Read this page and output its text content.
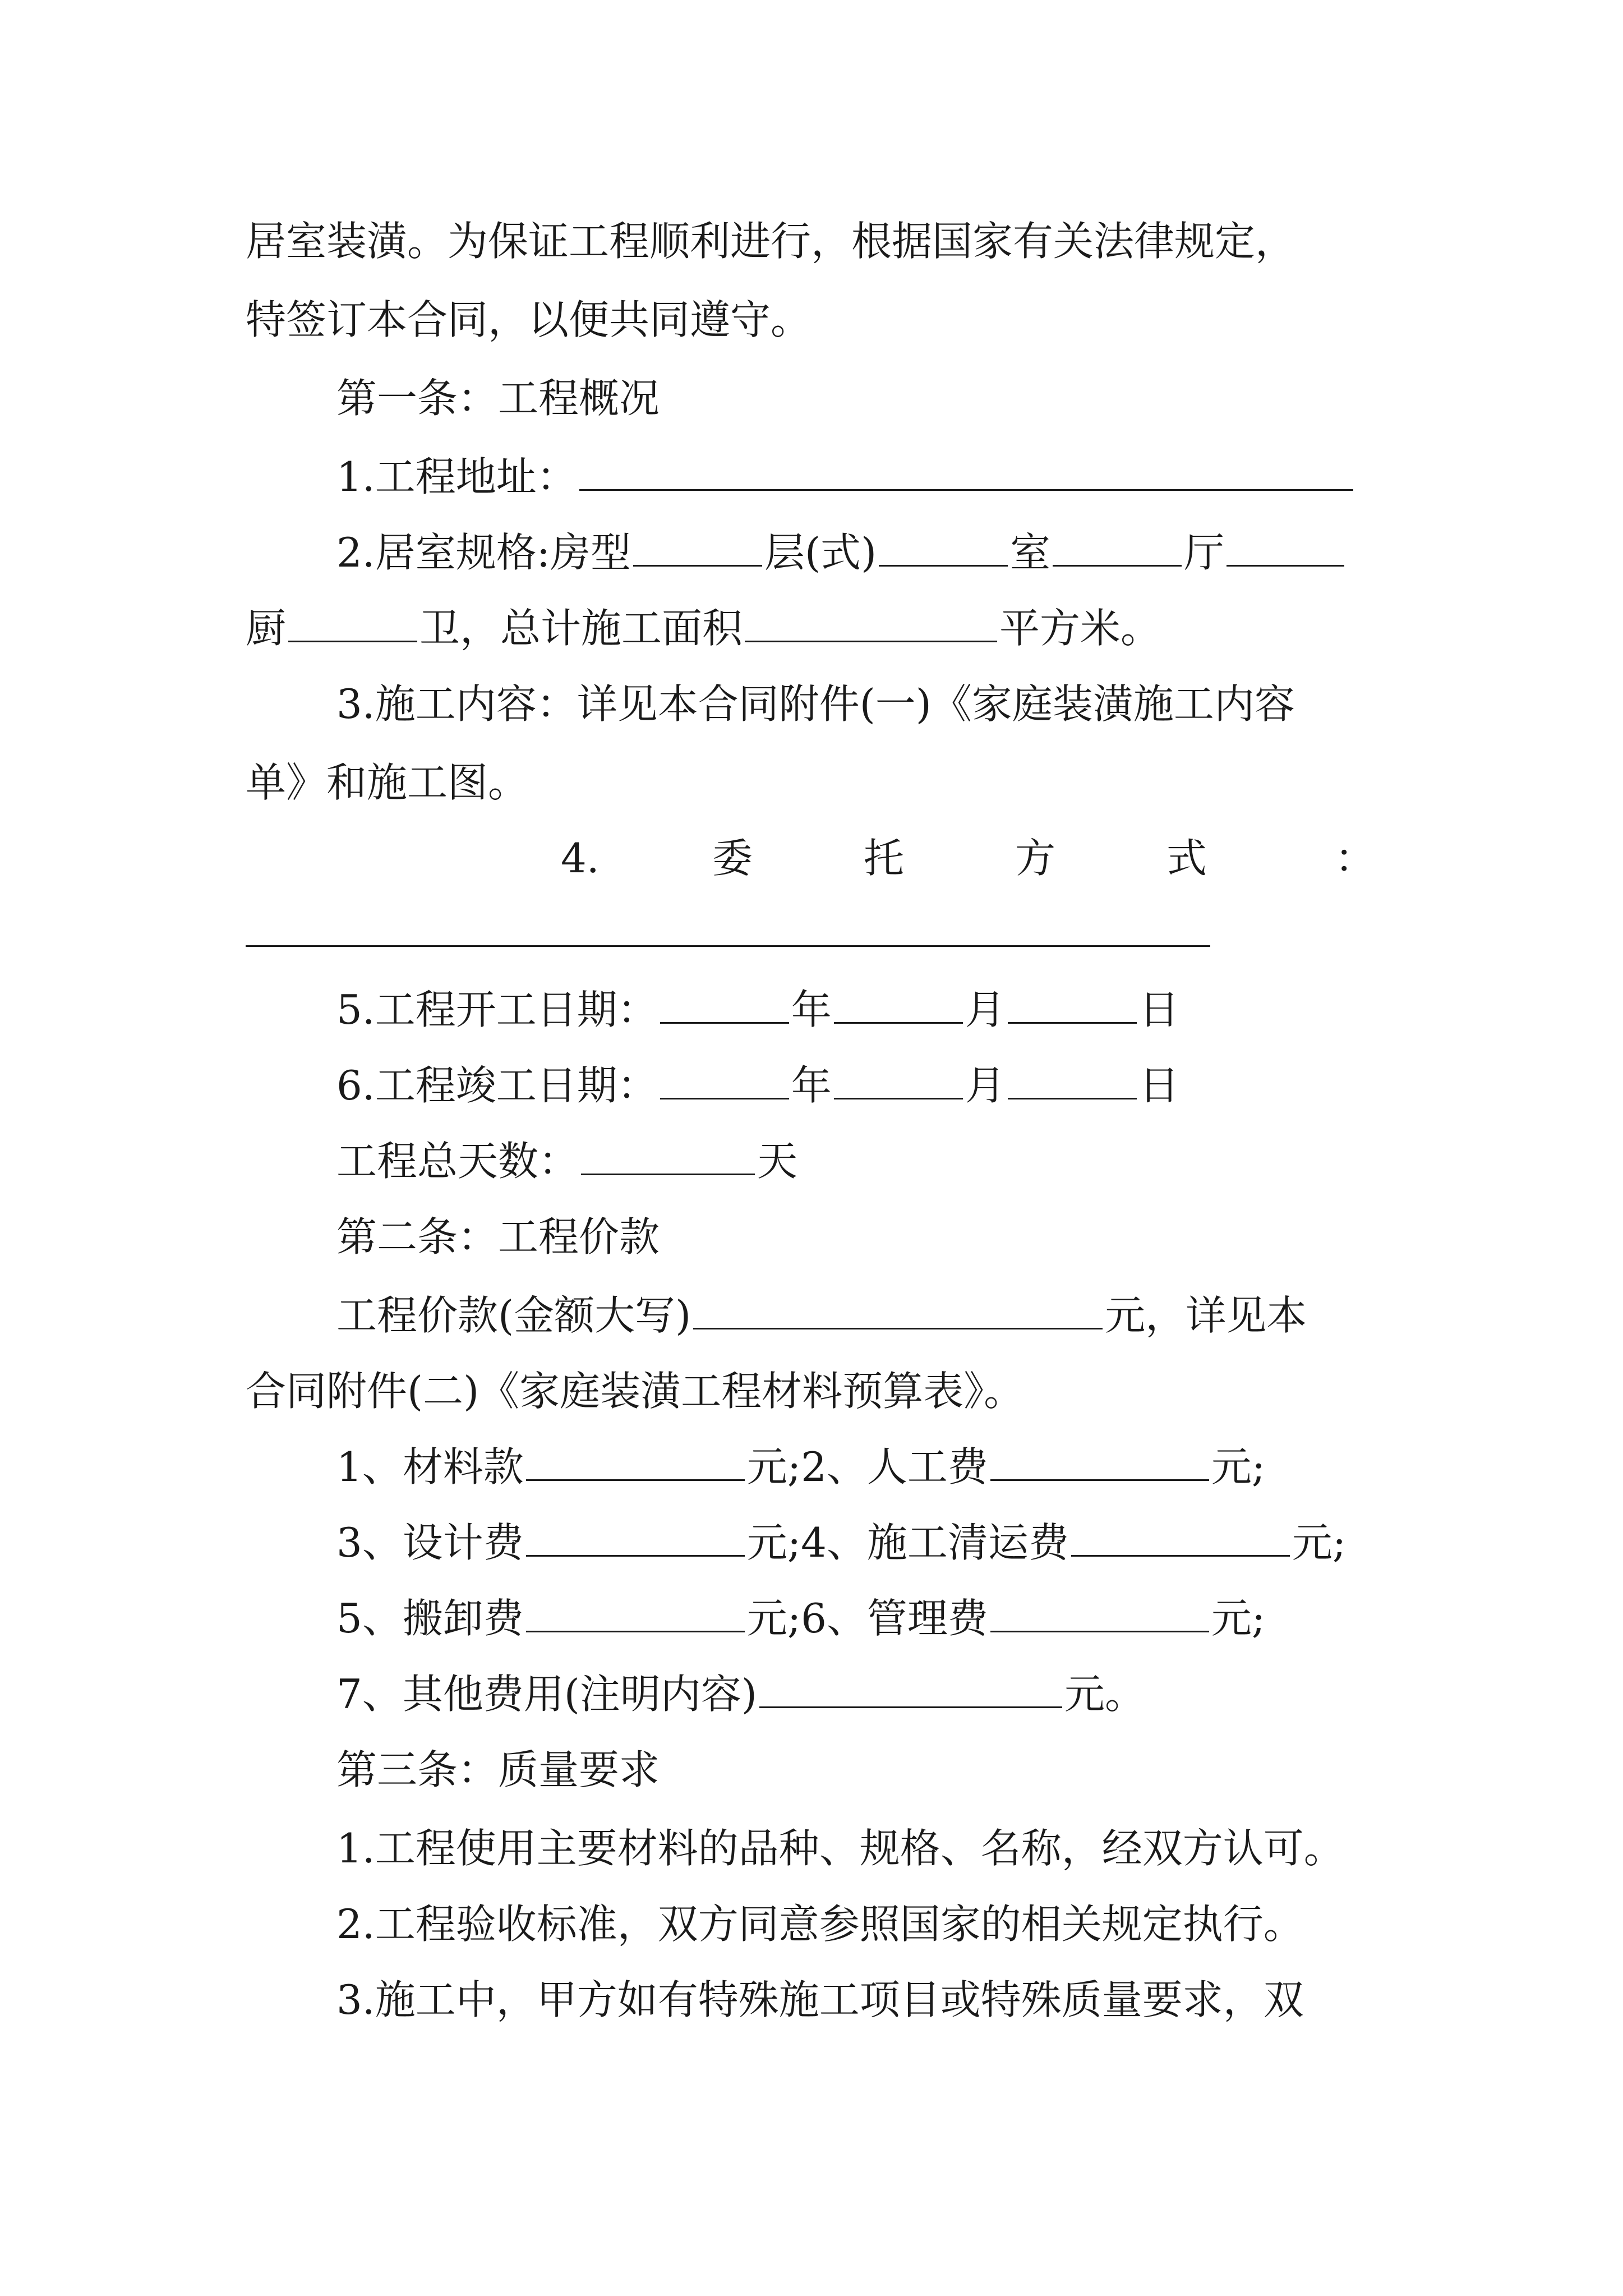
居室装潢。为保证工程顺利进行，根据国家有关法律规定，
特签订本合同，以便共同遵守。
第一条：工程概况
1.工程地址：
2.居室规格:房型	层(式)	室	厅
厨	卫，总计施工面积	平方米。
3.施工内容：详见本合同附件(一)《家庭装潢施工内容
单》和施工图。
4.	委	托	方	式	：
5.工程开工日期：	年	月	日
6.工程竣工日期：	年	月	日
工程总天数：	天
第二条：工程价款
工程价款(金额大写)	元，详见本
合同附件(二)《家庭装潢工程材料预算表》。
1、材料款	元;2、人工费	元;
3、设计费	元;4、施工清运费	元;
5、搬卸费	元;6、管理费	元;
7、其他费用(注明内容)	元。
第三条：质量要求
1.工程使用主要材料的品种、规格、名称，经双方认可。
2.工程验收标准，双方同意参照国家的相关规定执行。
3.施工中，甲方如有特殊施工项目或特殊质量要求，双
